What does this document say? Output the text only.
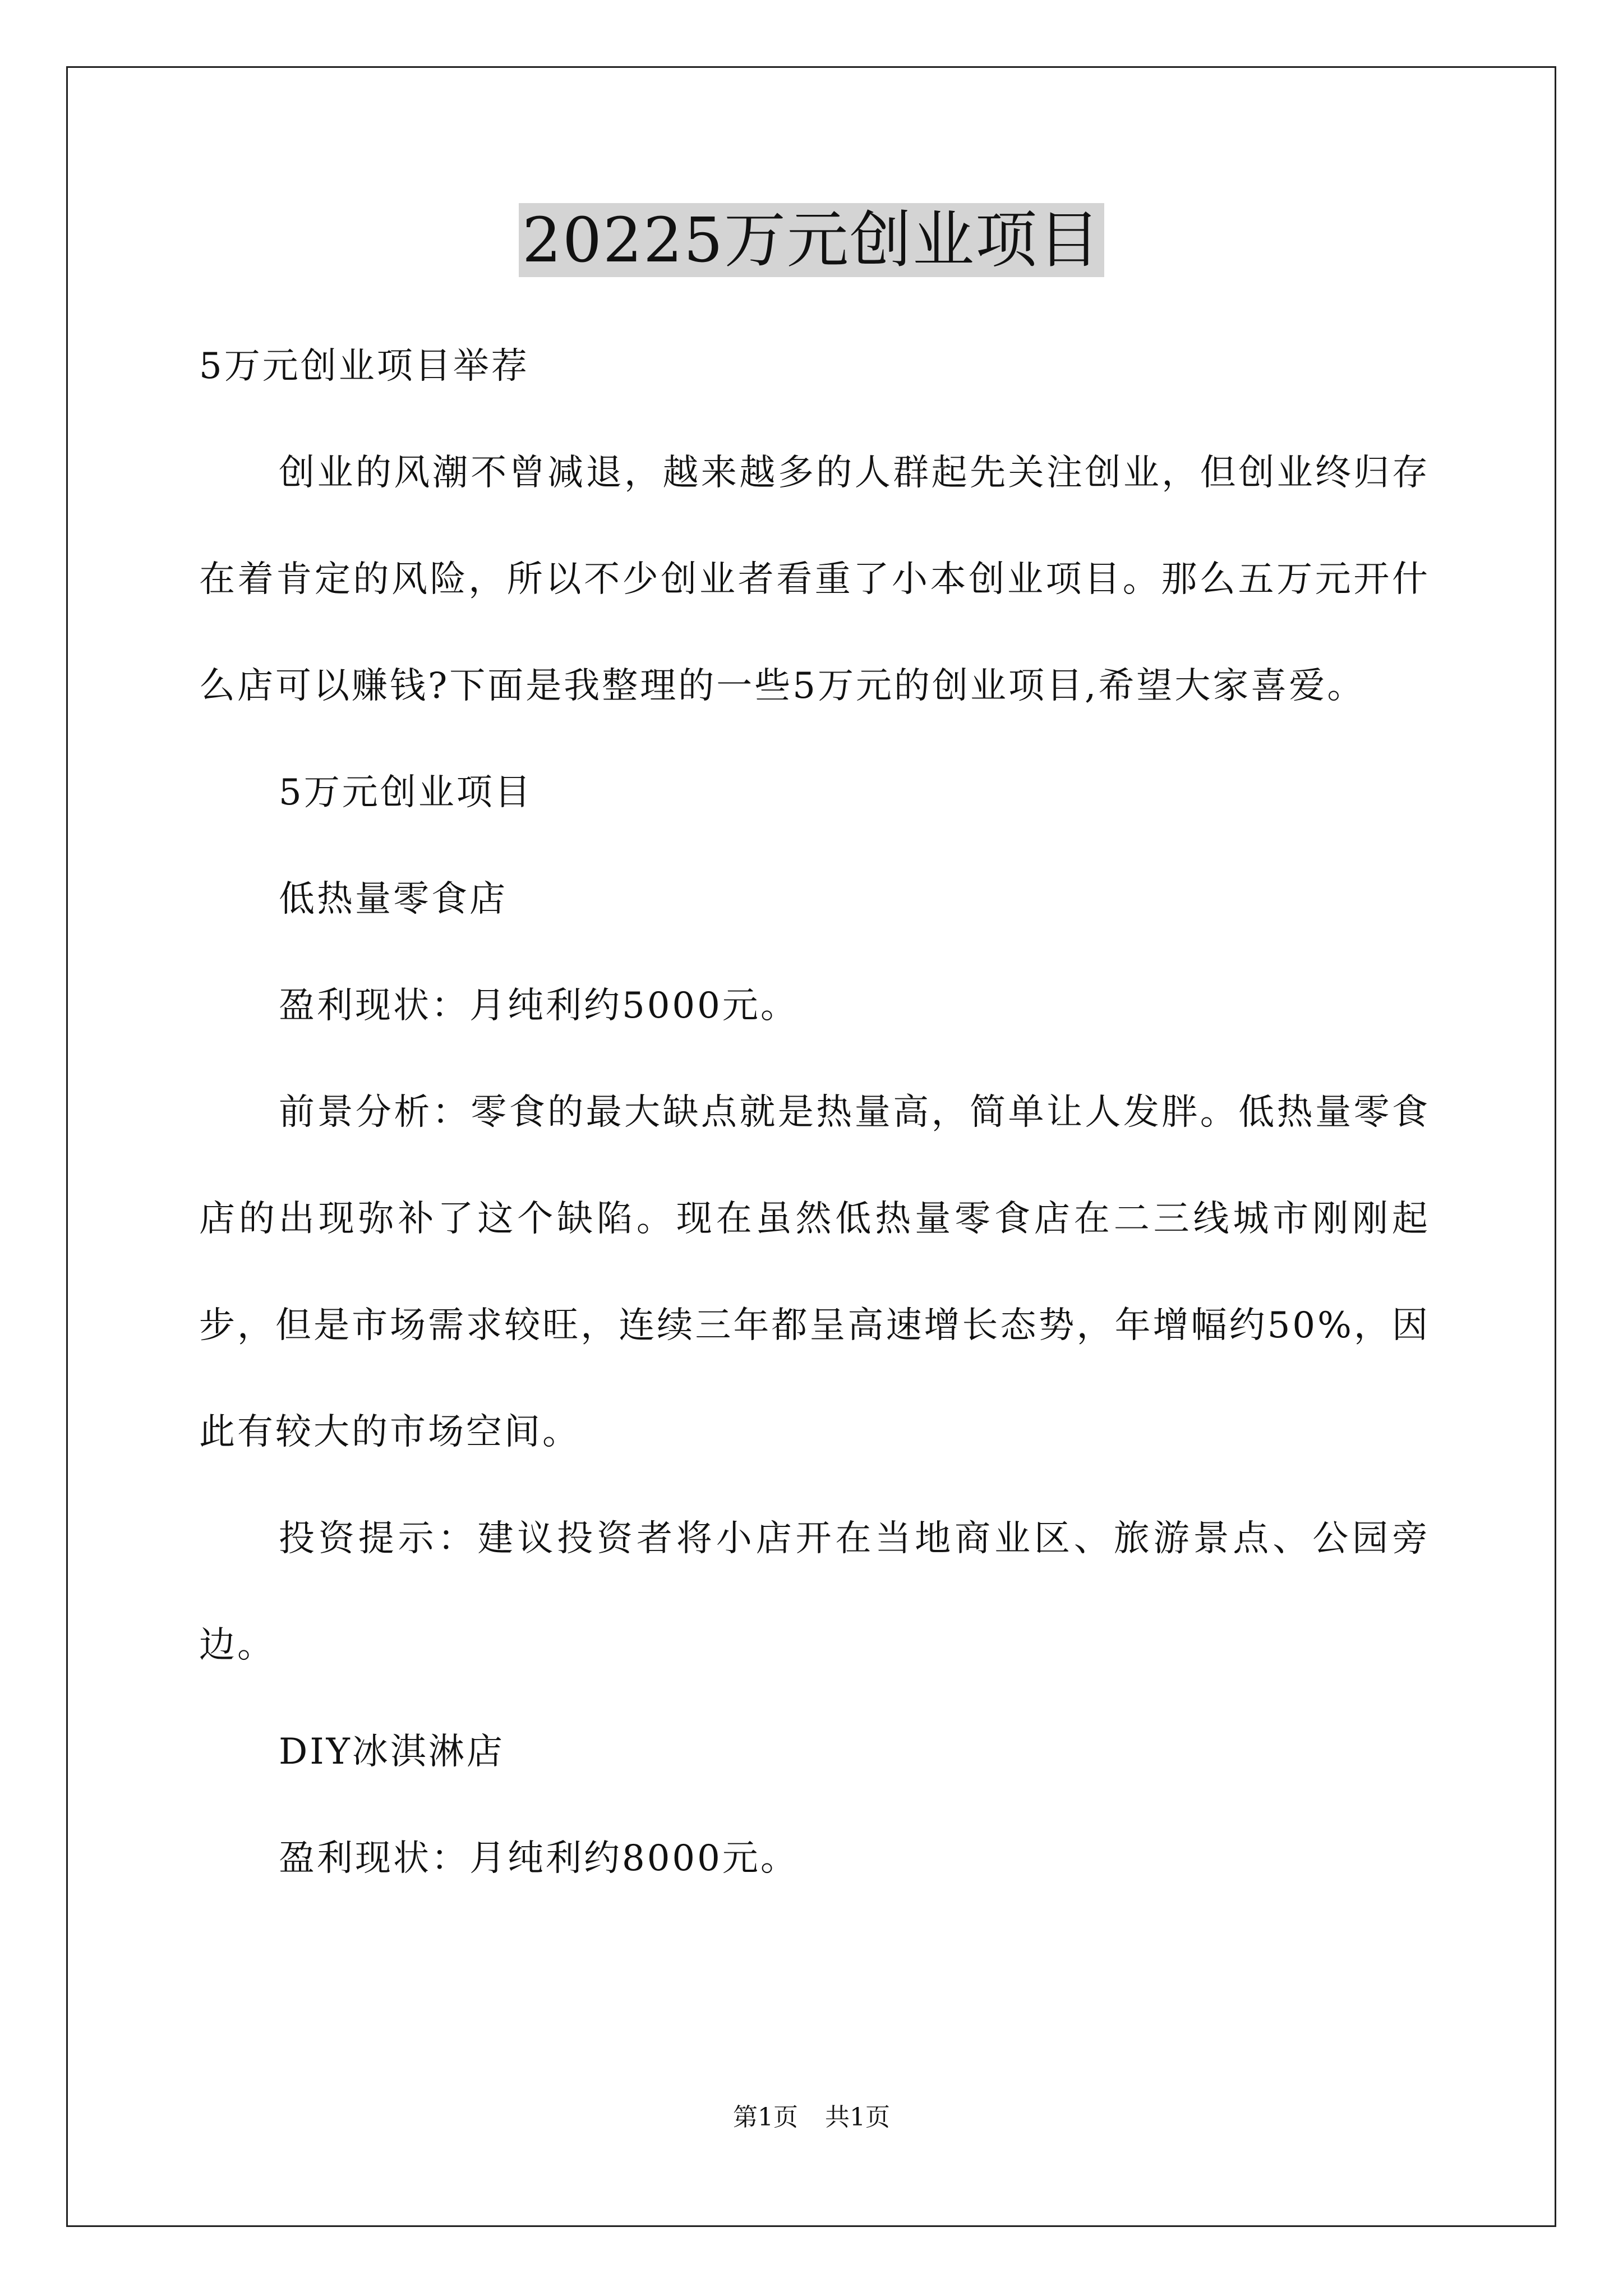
20225万元创业项目

5万元创业项目举荐

创业的风潮不曾减退，越来越多的人群起先关注创业，但创业终归存在着肯定的风险，所以不少创业者看重了小本创业项目。那么五万元开什么店可以赚钱?下面是我整理的一些5万元的创业项目,希望大家喜爱。

5万元创业项目

低热量零食店

盈利现状：月纯利约5000元。

前景分析：零食的最大缺点就是热量高，简单让人发胖。低热量零食店的出现弥补了这个缺陷。现在虽然低热量零食店在二三线城市刚刚起步，但是市场需求较旺，连续三年都呈高速增长态势，年增幅约50%，因此有较大的市场空间。

投资提示：建议投资者将小店开在当地商业区、旅游景点、公园旁边。

DIY冰淇淋店

盈利现状：月纯利约8000元。

第1页 共1页
